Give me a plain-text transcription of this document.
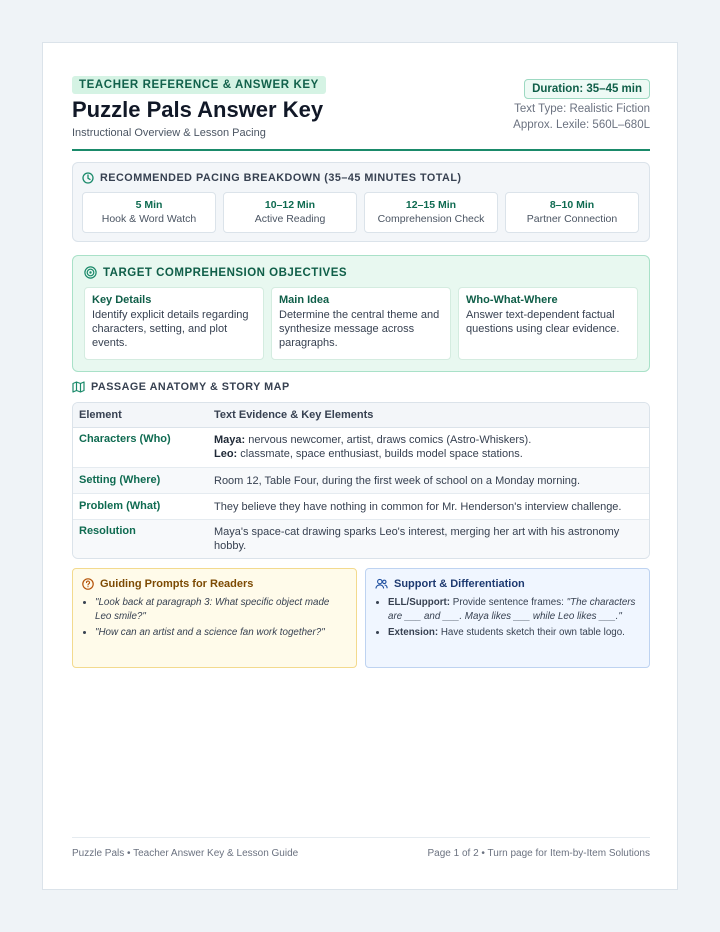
TEACHER REFERENCE & ANSWER KEY
Puzzle Pals Answer Key
Instructional Overview & Lesson Pacing
Duration: 35–45 min
Text Type: Realistic Fiction
Approx. Lexile: 560L–680L
RECOMMENDED PACING BREAKDOWN (35–45 MINUTES TOTAL)
5 Min
Hook & Word Watch
10–12 Min
Active Reading
12–15 Min
Comprehension Check
8–10 Min
Partner Connection
TARGET COMPREHENSION OBJECTIVES
Key Details
Identify explicit details regarding characters, setting, and plot events.
Main Idea
Determine the central theme and synthesize message across paragraphs.
Who-What-Where
Answer text-dependent factual questions using clear evidence.
PASSAGE ANATOMY & STORY MAP
Element	Text Evidence & Key Elements
Characters (Who)	Maya: nervous newcomer, artist, draws comics (Astro-Whiskers).
Leo: classmate, space enthusiast, builds model space stations.
Setting (Where)	Room 12, Table Four, during the first week of school on a Monday morning.
Problem (What)	They believe they have nothing in common for Mr. Henderson's interview challenge.
Resolution	Maya's space-cat drawing sparks Leo's interest, merging her art with his astronomy hobby.
Guiding Prompts for Readers
• "Look back at paragraph 3: What specific object made Leo smile?"
• "How can an artist and a science fan work together?"
Support & Differentiation
• ELL/Support: Provide sentence frames: "The characters are ___ and ___. Maya likes ___ while Leo likes ___."
• Extension: Have students sketch their own table logo.
Puzzle Pals • Teacher Answer Key & Lesson Guide	Page 1 of 2 • Turn page for Item-by-Item Solutions
